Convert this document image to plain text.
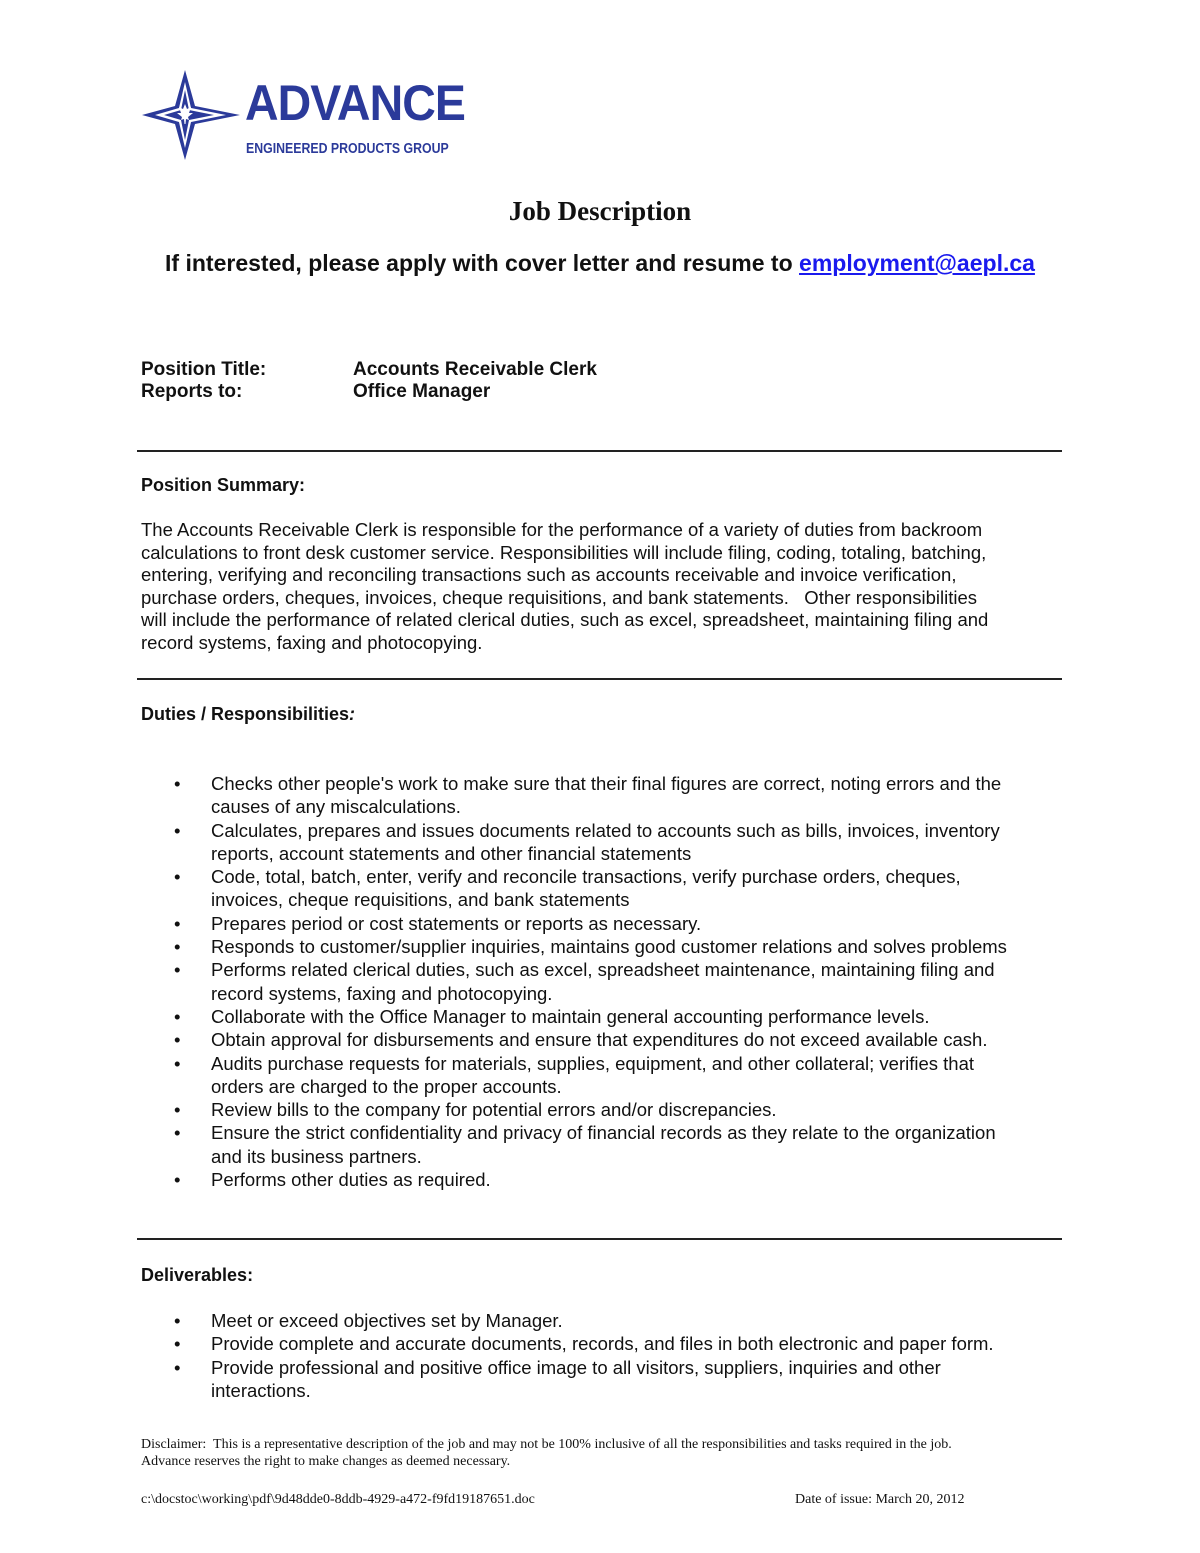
ADVANCE
ENGINEERED PRODUCTS GROUP
Job Description
If interested, please apply with cover letter and resume to employment@aepl.ca
Position Title:	Accounts Receivable Clerk
Reports to:	Office Manager
Position Summary:
The Accounts Receivable Clerk is responsible for the performance of a variety of duties from backroom
calculations to front desk customer service. Responsibilities will include filing, coding, totaling, batching,
entering, verifying and reconciling transactions such as accounts receivable and invoice verification,
purchase orders, cheques, invoices, cheque requisitions, and bank statements.   Other responsibilities
will include the performance of related clerical duties, such as excel, spreadsheet, maintaining filing and
record systems, faxing and photocopying.
Duties / Responsibilities:
• Checks other people's work to make sure that their final figures are correct, noting errors and the
causes of any miscalculations.
• Calculates, prepares and issues documents related to accounts such as bills, invoices, inventory
reports, account statements and other financial statements
• Code, total, batch, enter, verify and reconcile transactions, verify purchase orders, cheques,
invoices, cheque requisitions, and bank statements
• Prepares period or cost statements or reports as necessary.
• Responds to customer/supplier inquiries, maintains good customer relations and solves problems
• Performs related clerical duties, such as excel, spreadsheet maintenance, maintaining filing and
record systems, faxing and photocopying.
• Collaborate with the Office Manager to maintain general accounting performance levels.
• Obtain approval for disbursements and ensure that expenditures do not exceed available cash.
• Audits purchase requests for materials, supplies, equipment, and other collateral; verifies that
orders are charged to the proper accounts.
• Review bills to the company for potential errors and/or discrepancies.
• Ensure the strict confidentiality and privacy of financial records as they relate to the organization
and its business partners.
• Performs other duties as required.
Deliverables:
• Meet or exceed objectives set by Manager.
• Provide complete and accurate documents, records, and files in both electronic and paper form.
• Provide professional and positive office image to all visitors, suppliers, inquiries and other
interactions.
Disclaimer:  This is a representative description of the job and may not be 100% inclusive of all the responsibilities and tasks required in the job.
Advance reserves the right to make changes as deemed necessary.
c:\docstoc\working\pdf\9d48dde0-8ddb-4929-a472-f9fd19187651.doc	Date of issue: March 20, 2012
